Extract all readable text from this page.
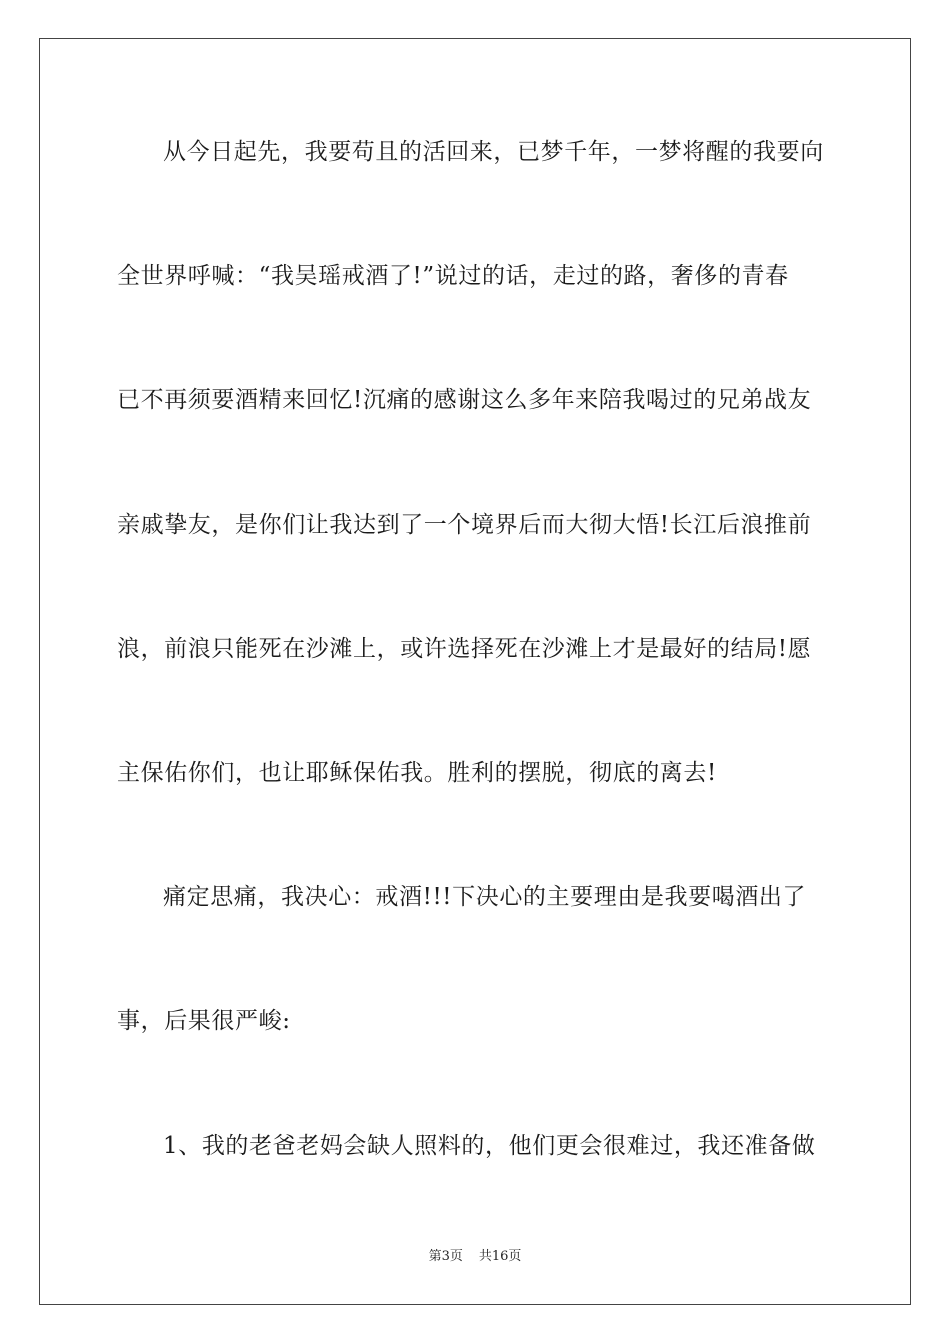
从今日起先，我要苟且的活回来，已梦千年，一梦将醒的我要向
全世界呼喊：“我吴瑶戒酒了!”说过的话，走过的路，奢侈的青春
已不再须要酒精来回忆!沉痛的感谢这么多年来陪我喝过的兄弟战友
亲戚挚友，是你们让我达到了一个境界后而大彻大悟!长江后浪推前
浪，前浪只能死在沙滩上，或许选择死在沙滩上才是最好的结局!愿
主保佑你们，也让耶稣保佑我。胜利的摆脱，彻底的离去!
痛定思痛，我决心：戒酒!!!下决心的主要理由是我要喝酒出了
事，后果很严峻:
1、我的老爸老妈会缺人照料的，他们更会很难过，我还准备做
第3页 共16页
